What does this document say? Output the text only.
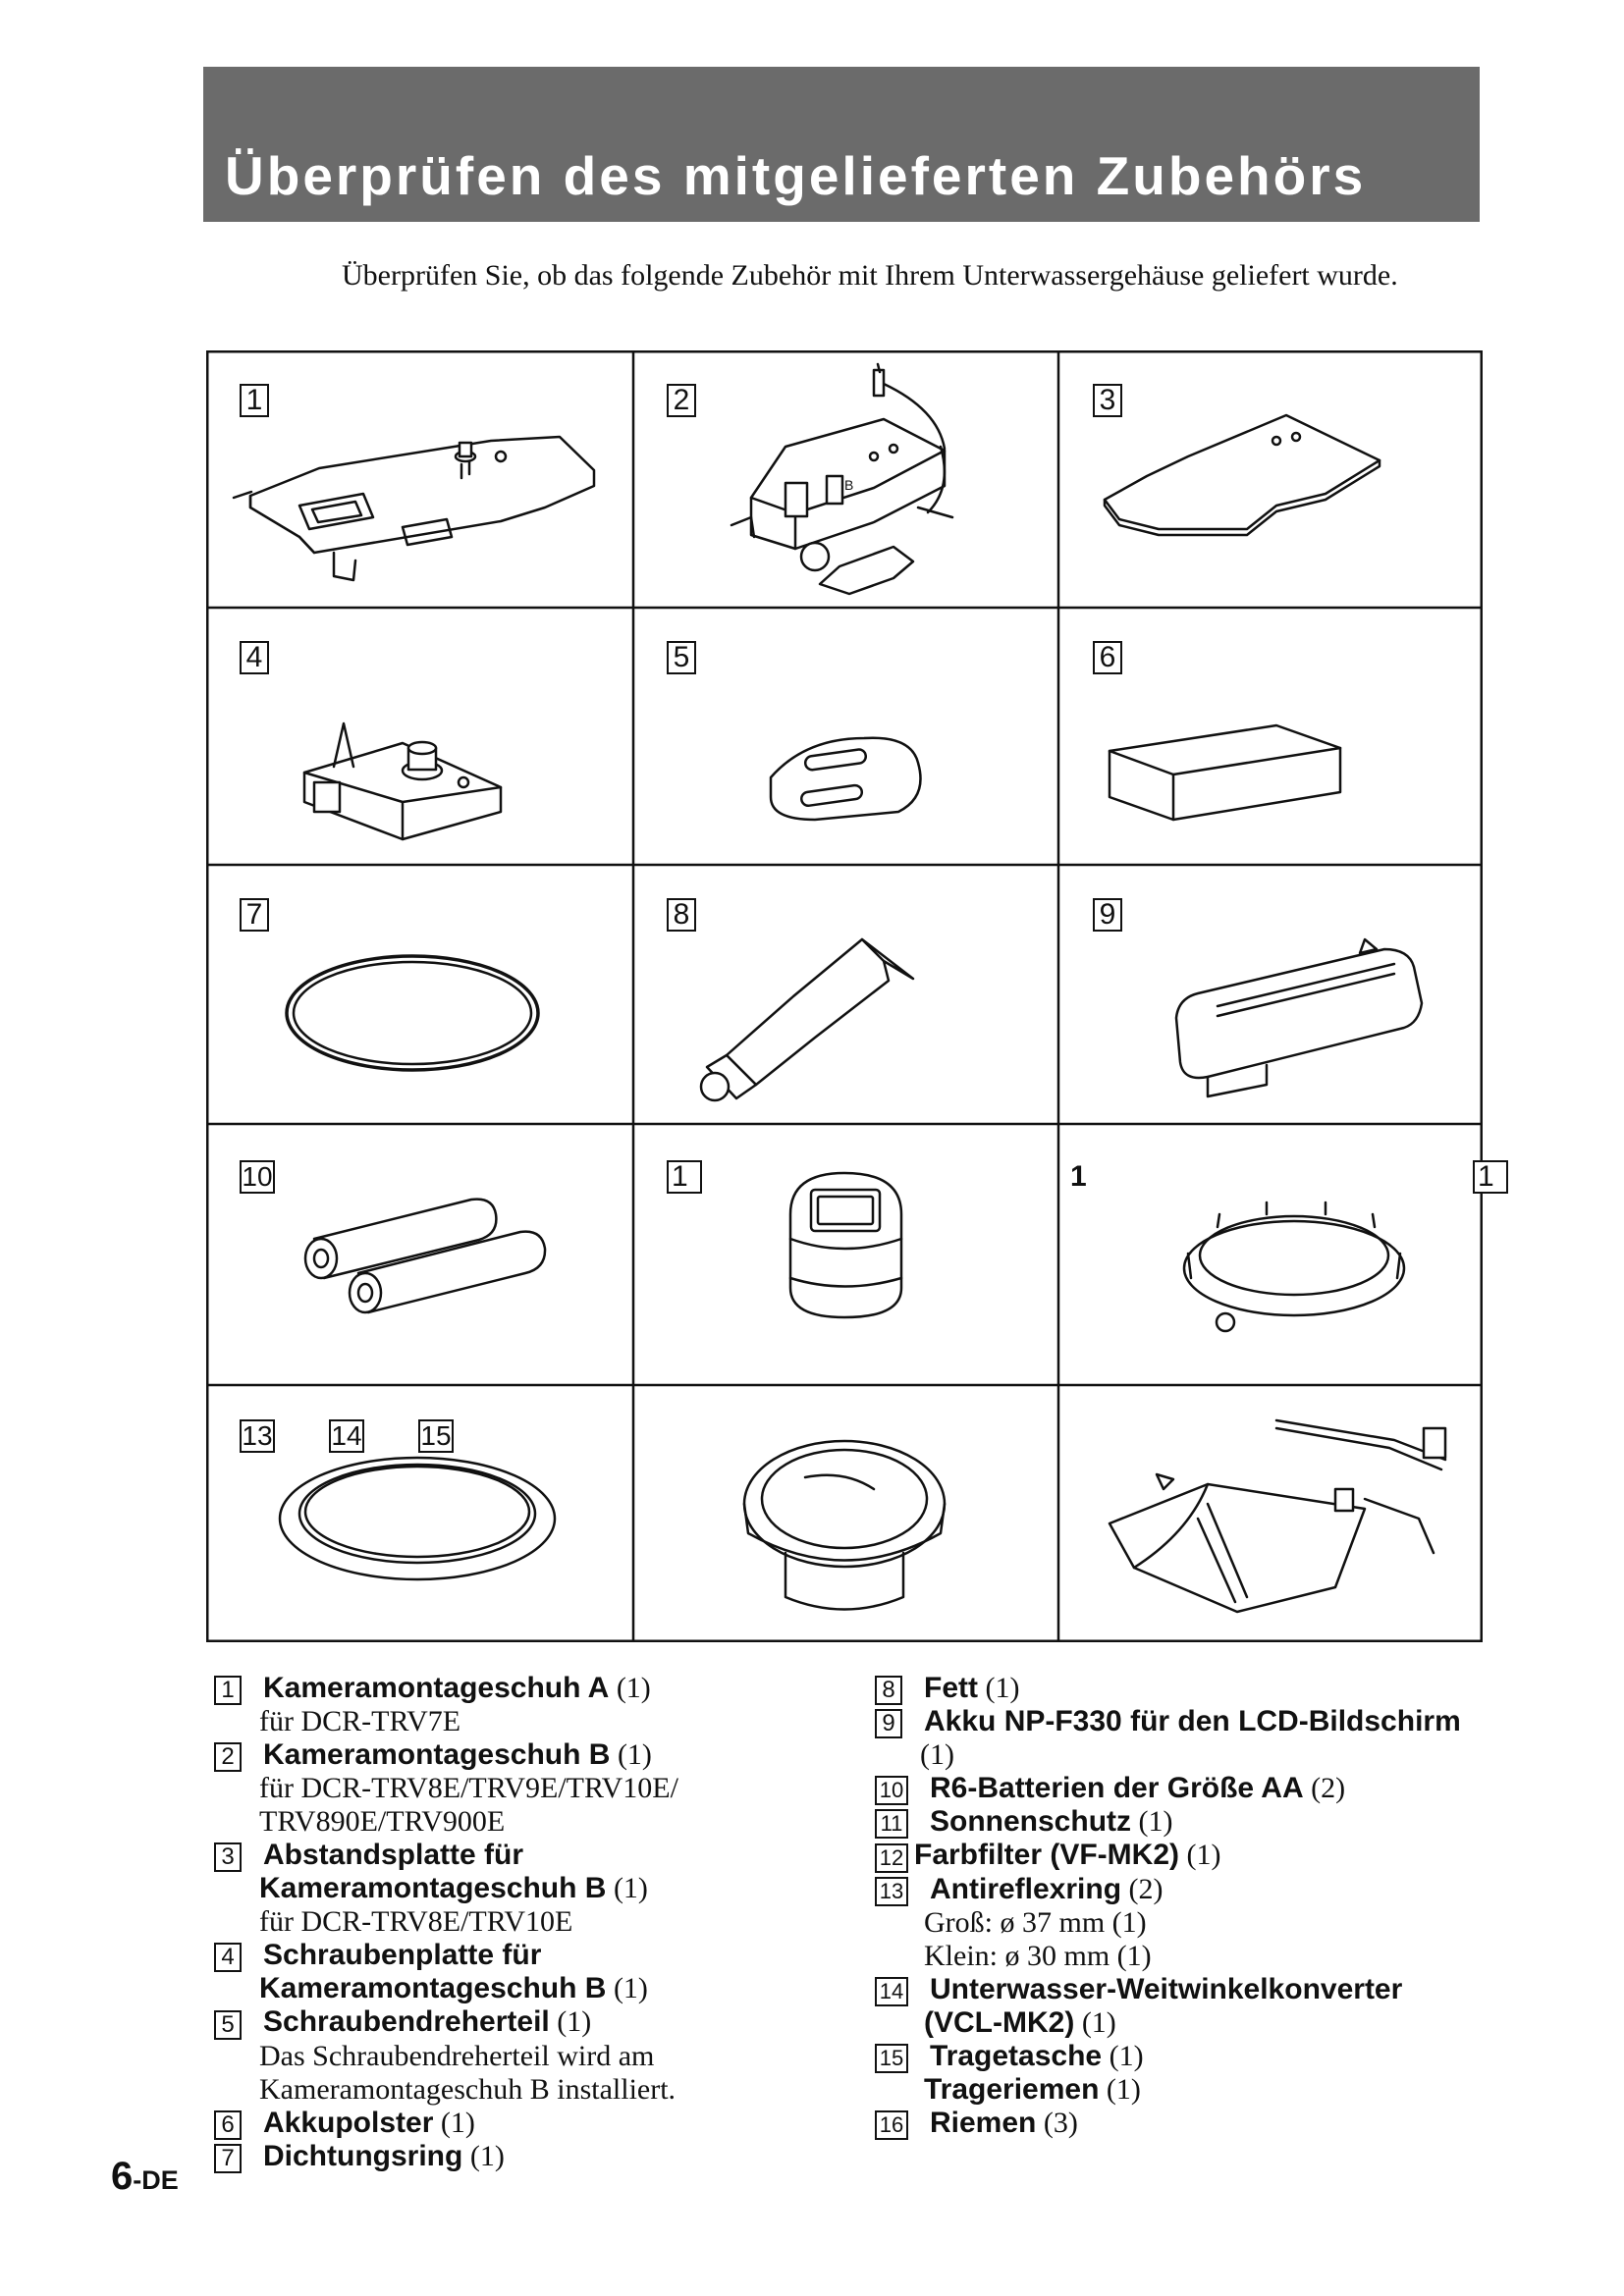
Überprüfen des mitgelieferten Zubehörs

Überprüfen Sie, ob das folgende Zubehör mit Ihrem Unterwassergehäuse geliefert wurde.

B
1	2	3
4	5	6
7	8	9
10	1	1	1
13 14 15
1 Kameramontageschuh A (1)
für DCR-TRV7E
2 Kameramontageschuh B (1)
für DCR-TRV8E/TRV9E/TRV10E/
TRV890E/TRV900E
3 Abstandsplatte für
Kameramontageschuh B (1)
für DCR-TRV8E/TRV10E
4 Schraubenplatte für
Kameramontageschuh B (1)
5 Schraubendreherteil (1)
Das Schraubendreherteil wird am
Kameramontageschuh B installiert.
6 Akkupolster (1)
7 Dichtungsring (1)
8 Fett (1)
9 Akku NP-F330 für den LCD-Bildschirm
(1)
10 R6-Batterien der Größe AA (2)
11 Sonnenschutz (1)
12 Farbfilter (VF-MK2) (1)
13 Antireflexring (2)
Groß: ø 37 mm (1)
Klein: ø 30 mm (1)
14 Unterwasser-Weitwinkelkonverter
(VCL-MK2) (1)
15 Tragetasche (1)
Trageriemen (1)
16 Riemen (3)
6-DE
